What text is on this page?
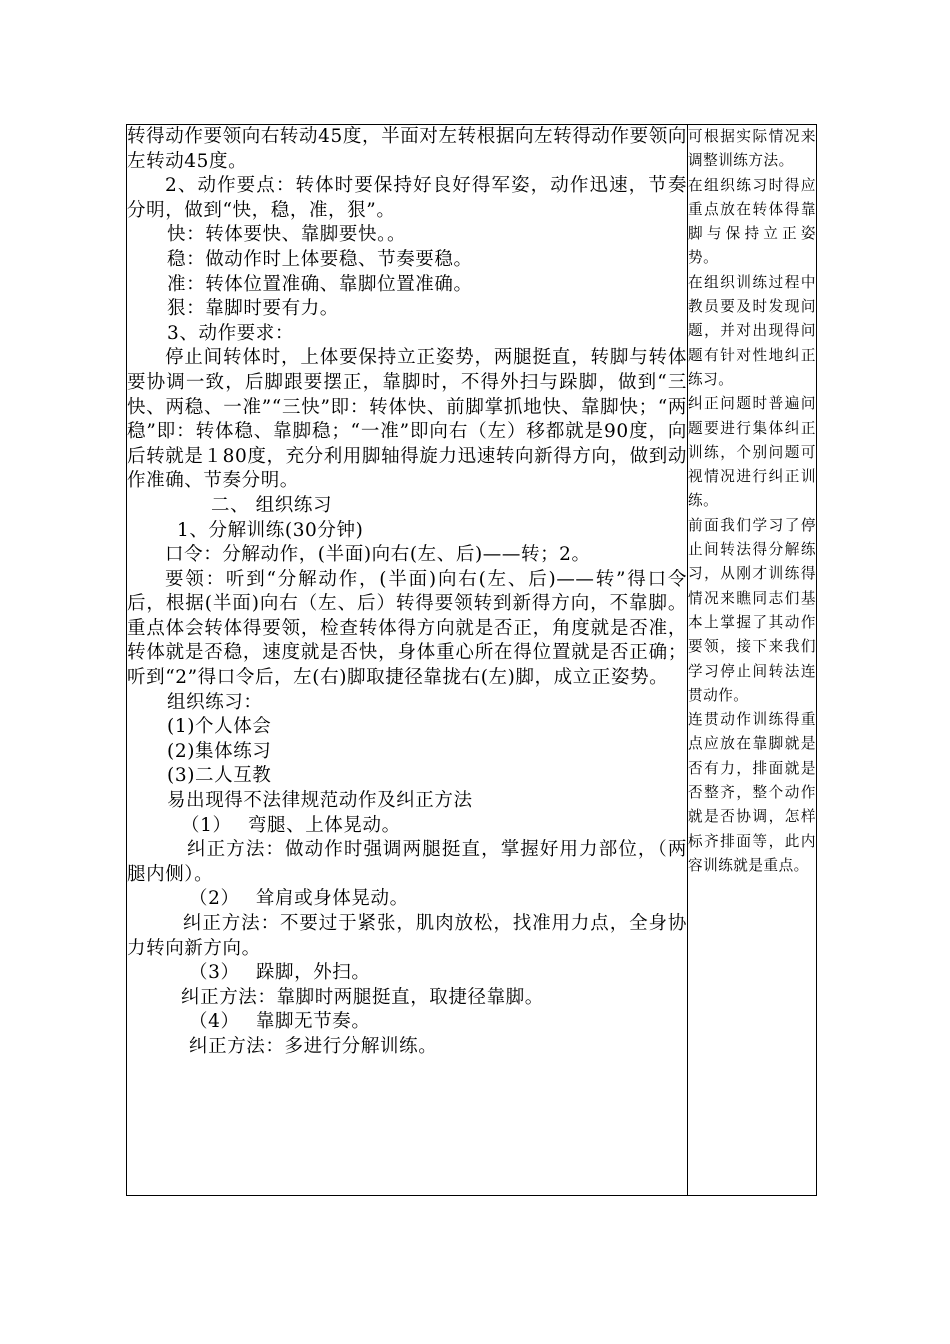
转得动作要领向右转动45度，半面对左转根据向左转得动作要领向左转动45度。

2、动作要点：转体时要保持好良好得军姿，动作迅速，节奏分明，做到“快，稳，准，狠”。

快：转体要快、靠脚要快。。

稳：做动作时上体要稳、节奏要稳。

准：转体位置准确、靠脚位置准确。

狠：靠脚时要有力。

3、动作要求：

停止间转体时，上体要保持立正姿势，两腿挺直，转脚与转体要协调一致，后脚跟要摆正，靠脚时，不得外扫与跺脚，做到“三快、两稳、一准”“三快”即：转体快、前脚掌抓地快、靠脚快；“两稳”即：转体稳、靠脚稳；“一准”即向右（左）移都就是90度，向后转就是１80度，充分利用脚轴得旋力迅速转向新得方向，做到动作准确、节奏分明。

二、 组织练习

1、分解训练(30分钟)

口令：分解动作，(半面)向右(左、后)——转；2。

要领：听到“分解动作，(半面)向右(左、后)——转”得口令后，根据(半面)向右（左、后）转得要领转到新得方向，不靠脚。重点体会转体得要领，检查转体得方向就是否正，角度就是否准，转体就是否稳，速度就是否快，身体重心所在得位置就是否正确；听到“2”得口令后，左(右)脚取捷径靠拢右(左)脚，成立正姿势。

组织练习：

(1)个人体会

(2)集体练习

(3)二人互教

易出现得不法律规范动作及纠正方法

（1）　 弯腿、上体晃动。

纠正方法：做动作时强调两腿挺直，掌握好用力部位，（两腿内侧）。

（2）　 耸肩或身体晃动。

纠正方法：不要过于紧张，肌肉放松，找准用力点，全身协力转向新方向。

（3）　 跺脚，外扫。

纠正方法：靠脚时两腿挺直，取捷径靠脚。

（4）　 靠脚无节奏。

纠正方法：多进行分解训练。

可根据实际情况来调整训练方法。

在组织练习时得应重点放在转体得靠脚与保持立正姿势。

在组织训练过程中教员要及时发现问题，并对出现得问题有针对性地纠正练习。

纠正问题时普遍问题要进行集体纠正训练，个别问题可视情况进行纠正训练。

前面我们学习了停止间转法得分解练习，从刚才训练得情况来瞧同志们基本上掌握了其动作要领，接下来我们学习停止间转法连贯动作。

连贯动作训练得重点应放在靠脚就是否有力，排面就是否整齐，整个动作就是否协调，怎样标齐排面等，此内容训练就是重点。
